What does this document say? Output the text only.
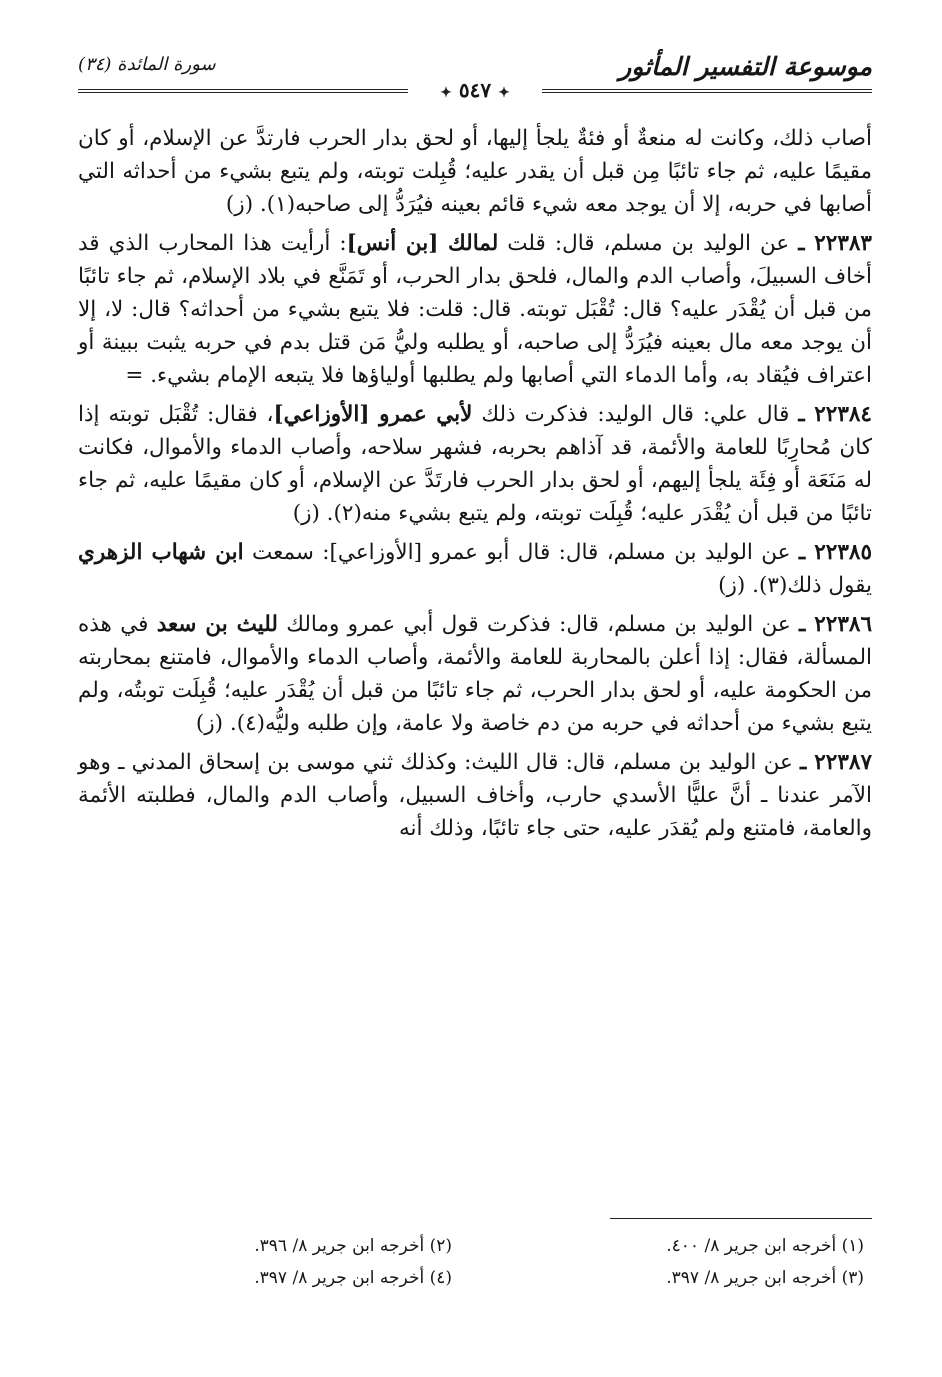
موسوعة التفسير المأثور
سورة المائدة (٣٤)
✦ ٥٤٧ ✦

أصاب ذلك، وكانت له منعةٌ أو فئةٌ يلجأ إليها، أو لحق بدار الحرب فارتدَّ عن الإسلام، أو كان مقيمًا عليه، ثم جاء تائبًا مِن قبل أن يقدر عليه؛ قُبِلت توبته، ولم يتبع بشيء من أحداثه التي أصابها في حربه، إلا أن يوجد معه شيء قائم بعينه فيُرَدُّ إلى صاحبه(١). (ز)

٢٢٣٨٣ ـ عن الوليد بن مسلم، قال: قلت لمالك [بن أنس]: أرأيت هذا المحارب الذي قد أخاف السبيلَ، وأصاب الدم والمال، فلحق بدار الحرب، أو تَمَنَّع في بلاد الإسلام، ثم جاء تائبًا من قبل أن يُقْدَر عليه؟ قال: تُقْبَل توبته. قال: قلت: فلا يتبع بشيء من أحداثه؟ قال: لا، إلا أن يوجد معه مال بعينه فيُرَدُّ إلى صاحبه، أو يطلبه وليُّ مَن قتل بدم في حربه يثبت ببينة أو اعتراف فيُقاد به، وأما الدماء التي أصابها ولم يطلبها أولياؤها فلا يتبعه الإمام بشيء. =

٢٢٣٨٤ ـ قال علي: قال الوليد: فذكرت ذلك لأبي عمرو [الأوزاعي]، فقال: تُقْبَل توبته إذا كان مُحارِبًا للعامة والأئمة، قد آذاهم بحربه، فشهر سلاحه، وأصاب الدماء والأموال، فكانت له مَنَعَة أو فِئَة يلجأ إليهم، أو لحق بدار الحرب فارتَدَّ عن الإسلام، أو كان مقيمًا عليه، ثم جاء تائبًا من قبل أن يُقْدَر عليه؛ قُبِلَت توبته، ولم يتبع بشيء منه(٢). (ز)

٢٢٣٨٥ ـ عن الوليد بن مسلم، قال: قال أبو عمرو [الأوزاعي]: سمعت ابن شهاب الزهري يقول ذلك(٣). (ز)

٢٢٣٨٦ ـ عن الوليد بن مسلم، قال: فذكرت قول أبي عمرو ومالك لليث بن سعد في هذه المسألة، فقال: إذا أعلن بالمحاربة للعامة والأئمة، وأصاب الدماء والأموال، فامتنع بمحاربته من الحكومة عليه، أو لحق بدار الحرب، ثم جاء تائبًا من قبل أن يُقْدَر عليه؛ قُبِلَت توبتُه، ولم يتبع بشيء من أحداثه في حربه من دم خاصة ولا عامة، وإن طلبه وليُّه(٤). (ز)

٢٢٣٨٧ ـ عن الوليد بن مسلم، قال: قال الليث: وكذلك ثني موسى بن إسحاق المدني ـ وهو الآمر عندنا ـ أنَّ عليًّا الأسدي حارب، وأخاف السبيل، وأصاب الدم والمال، فطلبته الأئمة والعامة، فامتنع ولم يُقدَر عليه، حتى جاء تائبًا، وذلك أنه

(١) أخرجه ابن جرير ٨/ ٤٠٠.
(٢) أخرجه ابن جرير ٨/ ٣٩٦.
(٣) أخرجه ابن جرير ٨/ ٣٩٧.
(٤) أخرجه ابن جرير ٨/ ٣٩٧.
